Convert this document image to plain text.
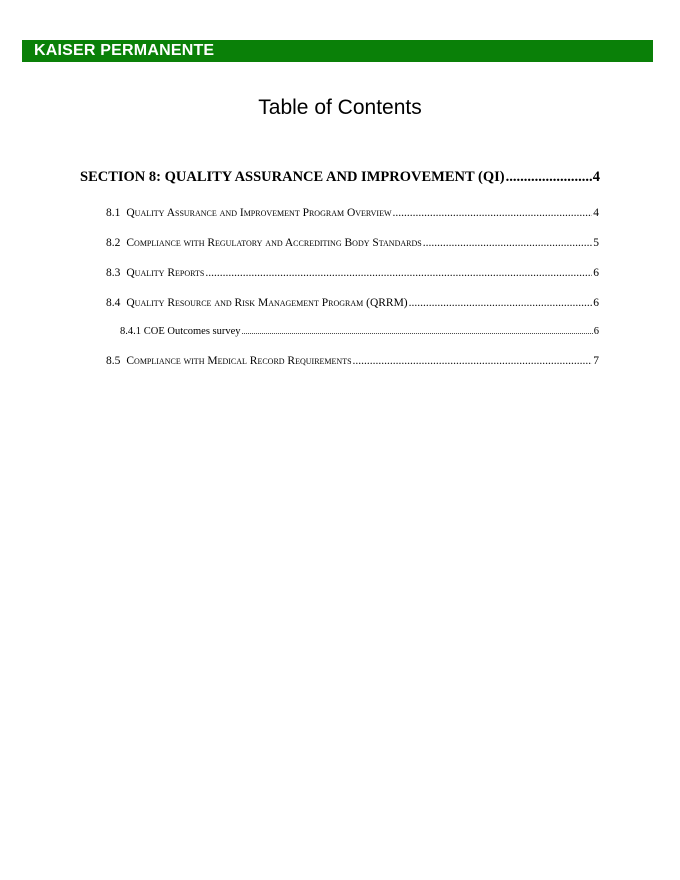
KAISER PERMANENTE
Table of Contents
SECTION 8: QUALITY ASSURANCE AND IMPROVEMENT (QI) .....	4
8.1 Quality Assurance and Improvement Program Overview .....	4
8.2 Compliance with Regulatory and Accrediting Body Standards .....	5
8.3 Quality Reports .....	6
8.4 Quality Resource and Risk Management Program (QRRM) .....	6
8.4.1 COE Outcomes survey .....	6
8.5 Compliance with Medical Record Requirements .....	7
